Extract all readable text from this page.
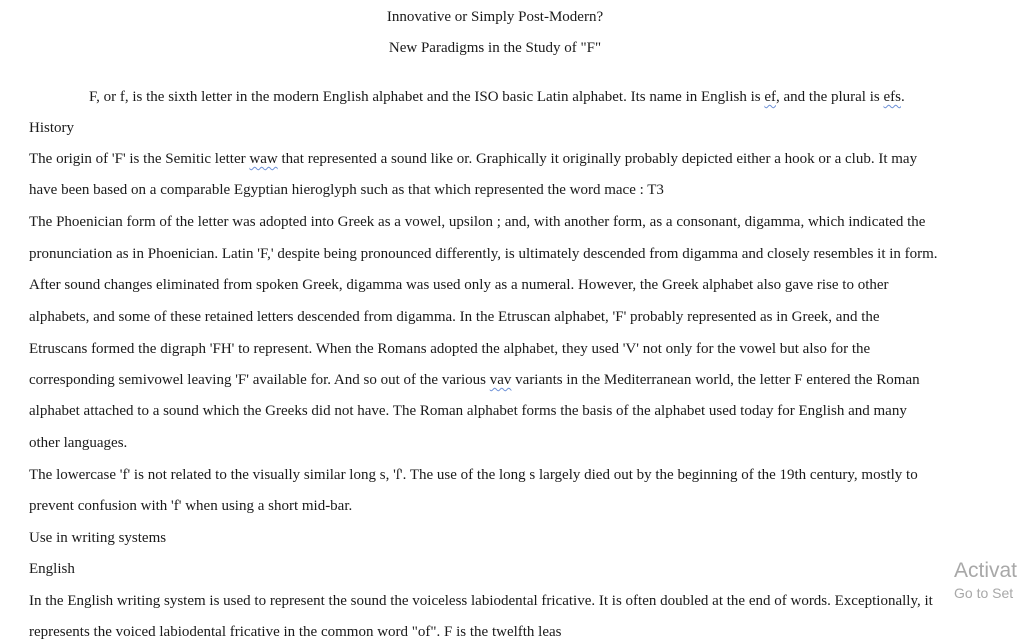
Innovative or Simply Post-Modern?

New Paradigms in the Study of "F"

F, or f, is the sixth letter in the modern English alphabet and the ISO basic Latin alphabet. Its name in English is ef, and the plural is efs.

History

The origin of 'F' is the Semitic letter waw that represented a sound like or. Graphically it originally probably depicted either a hook or a club. It may

have been based on a comparable Egyptian hieroglyph such as that which represented the word mace : T3

The Phoenician form of the letter was adopted into Greek as a vowel, upsilon ; and, with another form, as a consonant, digamma, which indicated the

pronunciation as in Phoenician. Latin 'F,' despite being pronounced differently, is ultimately descended from digamma and closely resembles it in form.

After sound changes eliminated from spoken Greek, digamma was used only as a numeral. However, the Greek alphabet also gave rise to other

alphabets, and some of these retained letters descended from digamma. In the Etruscan alphabet, 'F' probably represented as in Greek, and the

Etruscans formed the digraph 'FH' to represent. When the Romans adopted the alphabet, they used 'V' not only for the vowel but also for the

corresponding semivowel leaving 'F' available for. And so out of the various vav variants in the Mediterranean world, the letter F entered the Roman

alphabet attached to a sound which the Greeks did not have. The Roman alphabet forms the basis of the alphabet used today for English and many

other languages.

The lowercase 'f' is not related to the visually similar long s, 'ſ'. The use of the long s largely died out by the beginning of the 19th century, mostly to

prevent confusion with 'f' when using a short mid-bar.

Use in writing systems

English

In the English writing system is used to represent the sound the voiceless labiodental fricative. It is often doubled at the end of words. Exceptionally, it

represents the voiced labiodental fricative in the common word "of". F is the twelfth leas

Activat
Go to Set
